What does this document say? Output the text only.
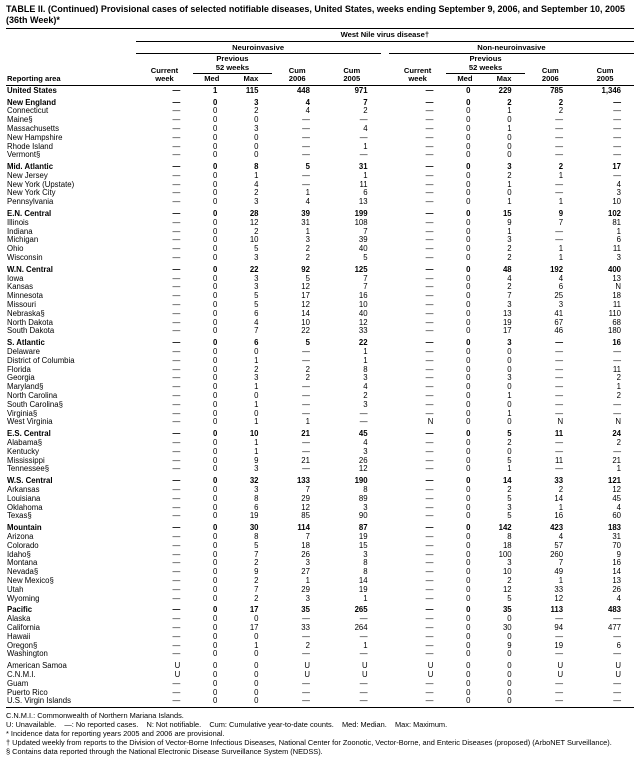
TABLE II. (Continued) Provisional cases of selected notifiable diseases, United States, weeks ending September 9, 2006, and September 10, 2005 (36th Week)*
Reporting area	West Nile virus disease†										
	Neuroinvasive						Non-neuroinvasive				
	Current
week	Previous
52 weeks		Cum
2006	Cum
2005		Current
week	Previous
52 weeks		Cum
2006	Cum
2005
		Med	Max					Med	Max		
United States	—	1	115	448	971		—	0	229	785	1,346
New England	—	0	3	4	7		—	0	2	2	—
Connecticut	—	0	2	4	2		—	0	1	2	—
Maine§	—	0	0	—	—		—	0	0	—	—
Massachusetts	—	0	3	—	4		—	0	1	—	—
New Hampshire	—	0	0	—	—		—	0	0	—	—
Rhode Island	—	0	0	—	1		—	0	0	—	—
Vermont§	—	0	0	—	—		—	0	0	—	—
Mid. Atlantic	—	0	8	5	31		—	0	3	2	17
New Jersey	—	0	1	—	1		—	0	2	1	—
New York (Upstate)	—	0	4	—	11		—	0	1	—	4
New York City	—	0	2	1	6		—	0	0	—	3
Pennsylvania	—	0	3	4	13		—	0	1	1	10
E.N. Central	—	0	28	39	199		—	0	15	9	102
Illinois	—	0	12	31	108		—	0	9	7	81
Indiana	—	0	2	1	7		—	0	1	—	1
Michigan	—	0	10	3	39		—	0	3	—	6
Ohio	—	0	5	2	40		—	0	2	1	11
Wisconsin	—	0	3	2	5		—	0	2	1	3
W.N. Central	—	0	22	92	125		—	0	48	192	400
Iowa	—	0	3	5	7		—	0	4	4	13
Kansas	—	0	3	12	7		—	0	2	6	N
Minnesota	—	0	5	17	16		—	0	7	25	18
Missouri	—	0	5	12	10		—	0	3	3	11
Nebraska§	—	0	6	14	40		—	0	13	41	110
North Dakota	—	0	4	10	12		—	0	19	67	68
South Dakota	—	0	7	22	33		—	0	17	46	180
S. Atlantic	—	0	6	5	22		—	0	3	—	16
Delaware	—	0	0	—	1		—	0	0	—	—
District of Columbia	—	0	1	—	1		—	0	0	—	—
Florida	—	0	2	2	8		—	0	0	—	11
Georgia	—	0	3	2	3		—	0	3	—	2
Maryland§	—	0	1	—	4		—	0	0	—	1
North Carolina	—	0	0	—	2		—	0	1	—	2
South Carolina§	—	0	1	—	3		—	0	0	—	—
Virginia§	—	0	0	—	—		—	0	1	—	—
West Virginia	—	0	1	1	—		N	0	0	N	N
E.S. Central	—	0	10	21	45		—	0	5	11	24
Alabama§	—	0	1	—	4		—	0	2	—	2
Kentucky	—	0	1	—	3		—	0	0	—	—
Mississippi	—	0	9	21	26		—	0	5	11	21
Tennessee§	—	0	3	—	12		—	0	1	—	1
W.S. Central	—	0	32	133	190		—	0	14	33	121
Arkansas	—	0	3	7	8		—	0	2	2	12
Louisiana	—	0	8	29	89		—	0	5	14	45
Oklahoma	—	0	6	12	3		—	0	3	1	4
Texas§	—	0	19	85	90		—	0	5	16	60
Mountain	—	0	30	114	87		—	0	142	423	183
Arizona	—	0	8	7	19		—	0	8	4	31
Colorado	—	0	5	18	15		—	0	18	57	70
Idaho§	—	0	7	26	3		—	0	100	260	9
Montana	—	0	2	3	8		—	0	3	7	16
Nevada§	—	0	9	27	8		—	0	10	49	14
New Mexico§	—	0	2	1	14		—	0	2	1	13
Utah	—	0	7	29	19		—	0	12	33	26
Wyoming	—	0	2	3	1		—	0	5	12	4
Pacific	—	0	17	35	265		—	0	35	113	483
Alaska	—	0	0	—	—		—	0	0	—	—
California	—	0	17	33	264		—	0	30	94	477
Hawaii	—	0	0	—	—		—	0	0	—	—
Oregon§	—	0	1	2	1		—	0	9	19	6
Washington	—	0	0	—	—		—	0	0	—	—
American Samoa	U	0	0	U	U		U	0	0	U	U
C.N.M.I.	U	0	0	U	U		U	0	0	U	U
Guam	—	0	0	—	—		—	0	0	—	—
Puerto Rico	—	0	0	—	—		—	0	0	—	—
U.S. Virgin Islands	—	0	0	—	—		—	0	0	—	—
C.N.M.I.: Commonwealth of Northern Mariana Islands.
U: Unavailable.    —: No reported cases.    N: Not notifiable.    Cum: Cumulative year-to-date counts.    Med: Median.    Max: Maximum.
* Incidence data for reporting years 2005 and 2006 are provisional.
† Updated weekly from reports to the Division of Vector-Borne Infectious Diseases, National Center for Zoonotic, Vector-Borne, and Enteric Diseases (proposed) (ArboNET Surveillance).
§ Contains data reported through the National Electronic Disease Surveillance System (NEDSS).
